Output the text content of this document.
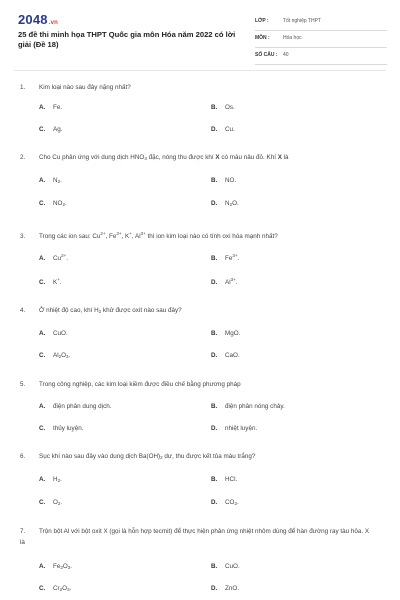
2048.vn
25 đề thi minh họa THPT Quốc gia môn Hóa năm 2022 có lời giải (Đề 18)
LỚP :	Tốt nghiệp THPT
MÔN :	Hóa học
SỐ CÂU : 40
1. Kim loại nào sau đây nặng nhất?
A. Fe.	B. Os.
C. Ag.	D. Cu.
2. Cho Cu phản ứng với dung dịch $HNO_3$ đặc, nóng thu được khí X có màu nâu đỏ. Khí X là
A. $N_2$.	B. NO.
C. $NO_2$.	D. $N_2O$.
3. Trong các ion sau: $Cu^{2+}$, $Fe^{3+}$, K+, $Al^{3+}$ thì ion kim loại nào có tính oxi hóa mạnh nhất?
A. $Cu^{2+}$.	B. $Fe^{3+}$.
C. K+.	D. $Al^{3+}$.
4. Ở nhiệt độ cao, khí $H_2$ khử được oxit nào sau đây?
A. CuO.	B. MgO.
C. $Al_2O_3$.	D. CaO.
5. Trong công nghiệp, các kim loại kiềm được điều chế bằng phương pháp
A. điện phân dung dịch.	B. điện phân nóng chảy.
C. thủy luyện.	D. nhiệt luyện.
6. Sục khí nào sau đây vào dung dịch $Ba(OH)_2$ dư, thu được kết tủa màu trắng?
A. $H_2$.	B. HCl.
C. $O_2$.	D. $CO_2$.
7. Trộn bột Al với bột oxit X (gọi là hỗn hợp tecmit) để thực hiện phản ứng nhiệt nhôm dùng để hàn đường ray tàu hỏa. X là
A. $Fe_2O_3$.	B. CuO.
C. $Cr_2O_3$.	D. ZnO.
